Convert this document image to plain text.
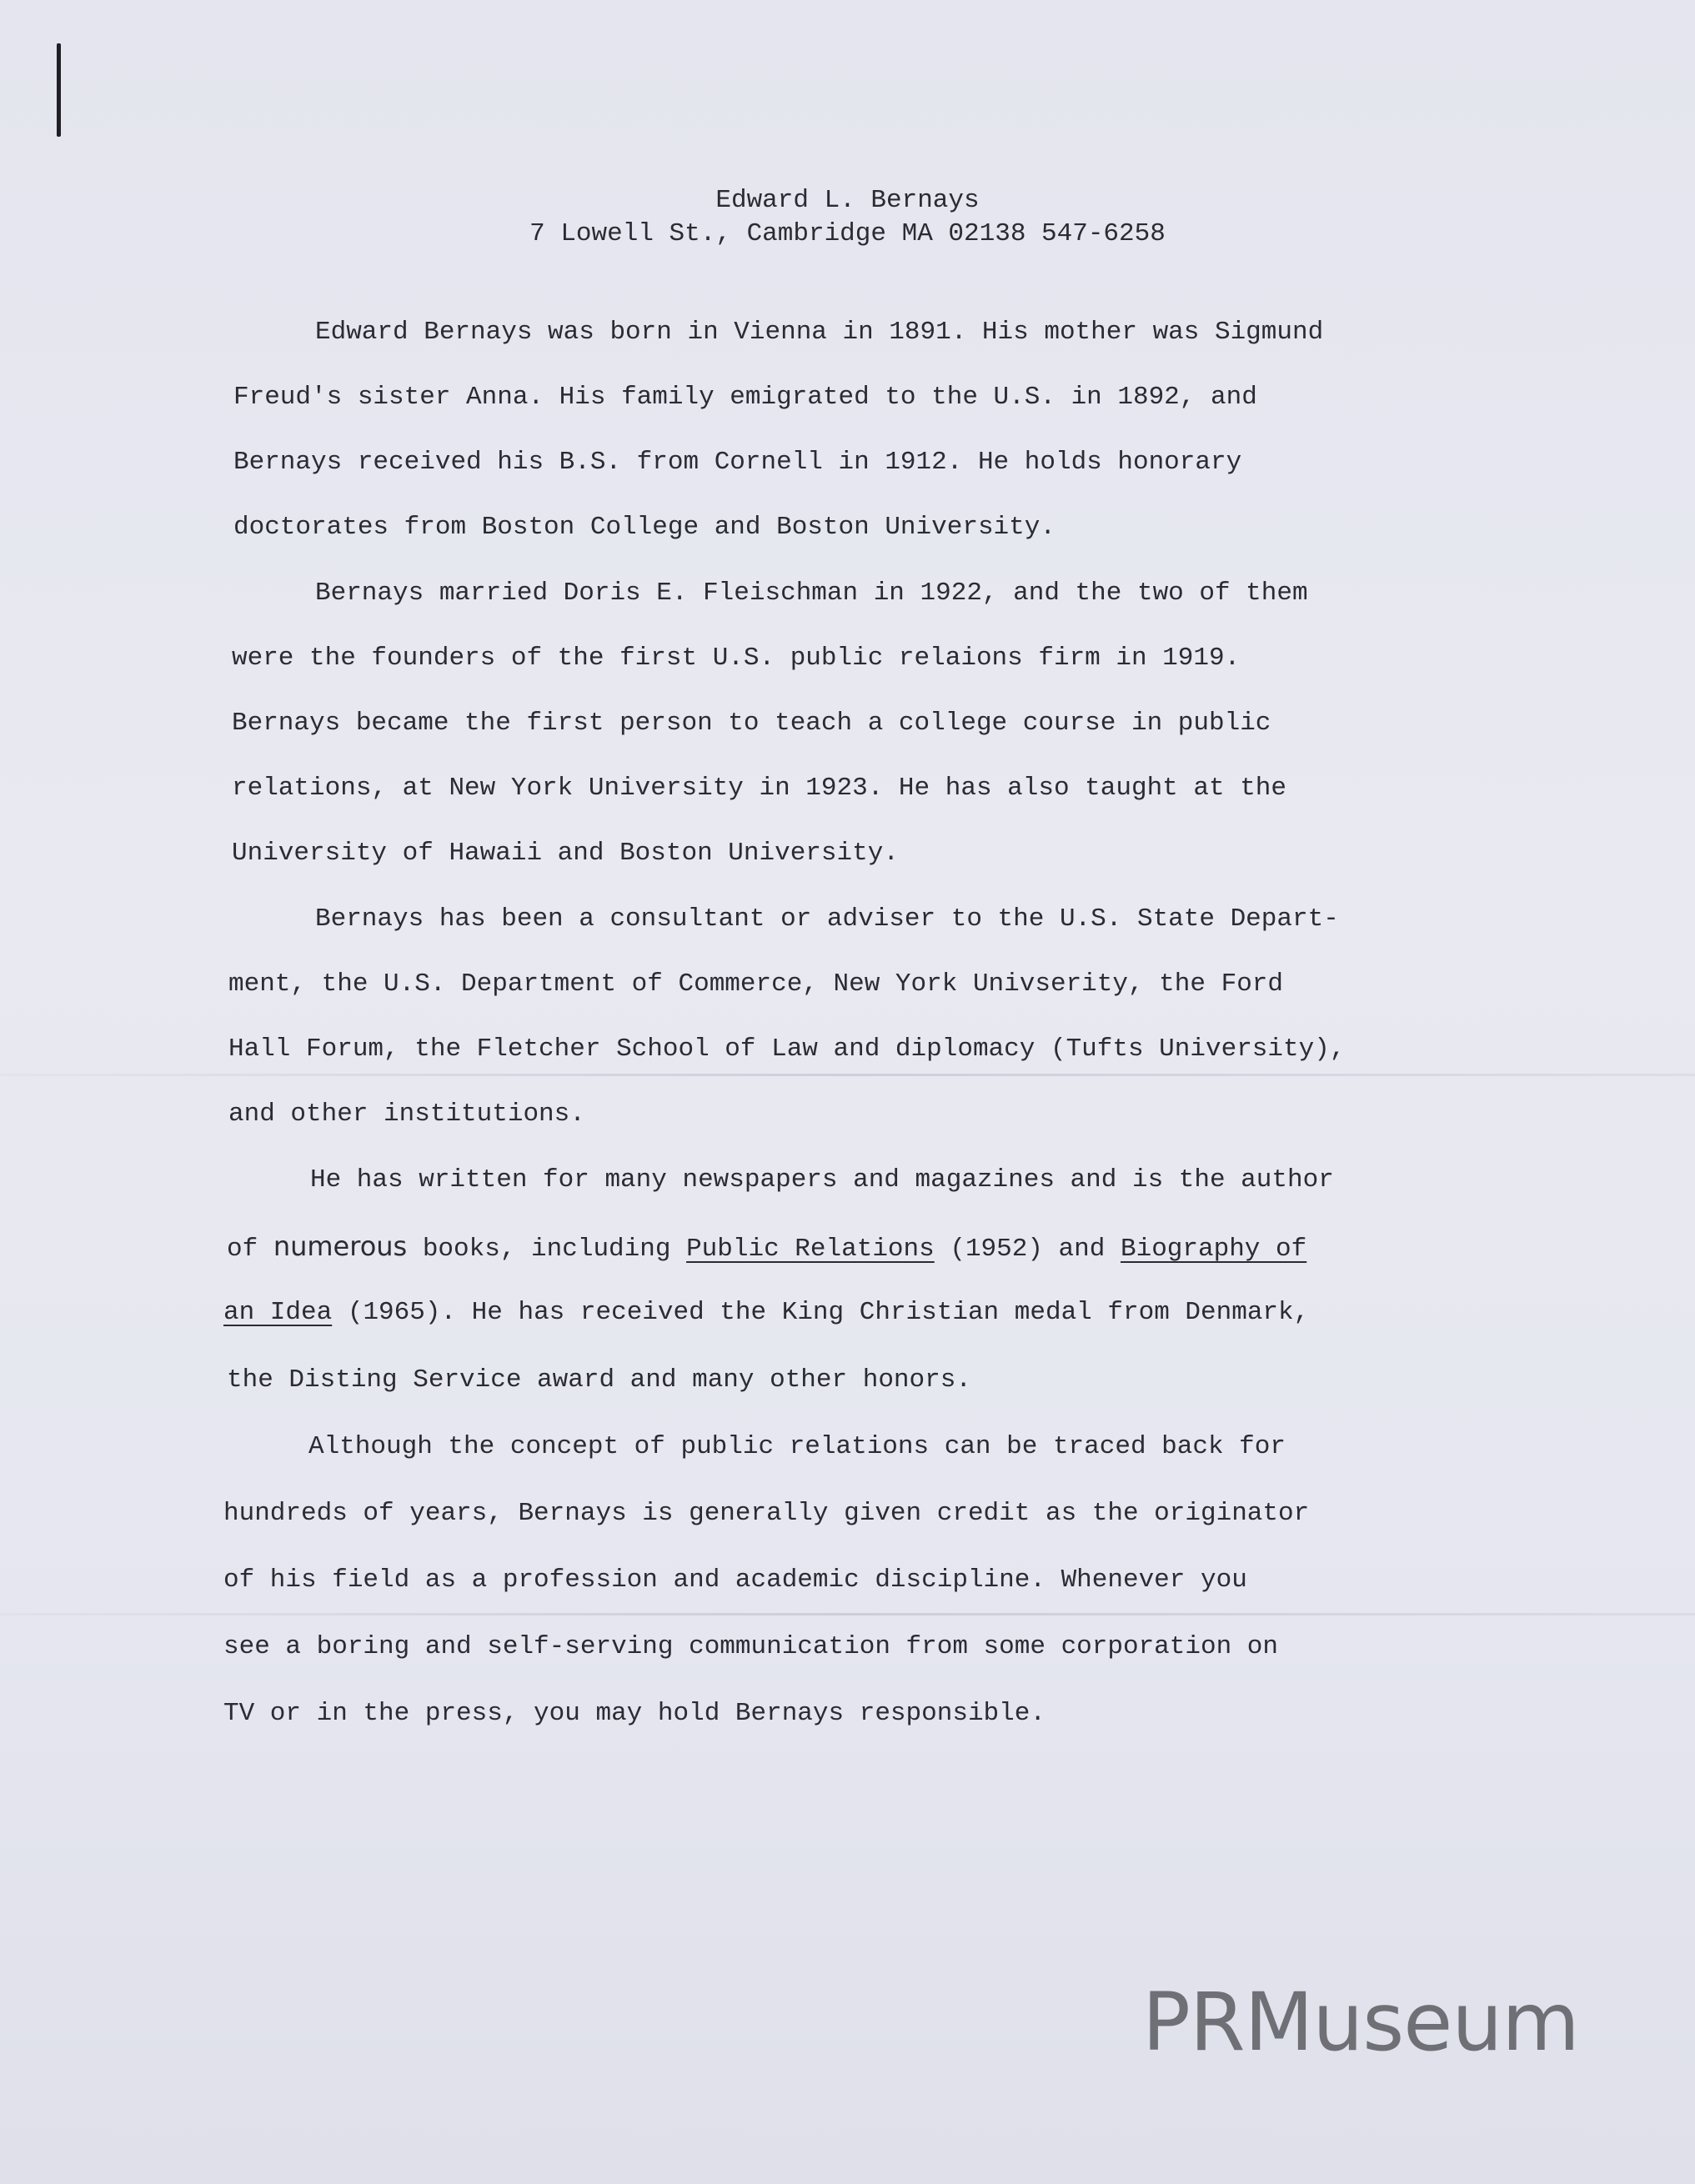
Edward L. Bernays
7 Lowell St., Cambridge MA 02138 547-6258
Edward Bernays was born in Vienna in 1891. His mother was Sigmund
Freud's sister Anna. His family emigrated to the U.S. in 1892, and
Bernays received his B.S. from Cornell in 1912. He holds honorary
doctorates from Boston College and Boston University.
Bernays married Doris E. Fleischman in 1922, and the two of them
were the founders of the first U.S. public relaions firm in 1919.
Bernays became the first person to teach a college course in public
relations, at New York University in 1923. He has also taught at the
University of Hawaii and Boston University.
Bernays has been a consultant or adviser to the U.S. State Depart-
ment, the U.S. Department of Commerce, New York Univserity, the Ford
Hall Forum, the Fletcher School of Law and diplomacy (Tufts University),
and other institutions.
He has written for many newspapers and magazines and is the author
of numerous books, including Public Relations (1952) and Biography of
an Idea (1965). He has received the King Christian medal from Denmark,
the Disting Service award and many other honors.
Although the concept of public relations can be traced back for
hundreds of years, Bernays is generally given credit as the originator
of his field as a profession and academic discipline. Whenever you
see a boring and self-serving communication from some corporation on
TV or in the press, you may hold Bernays responsible.
PRMuseum
